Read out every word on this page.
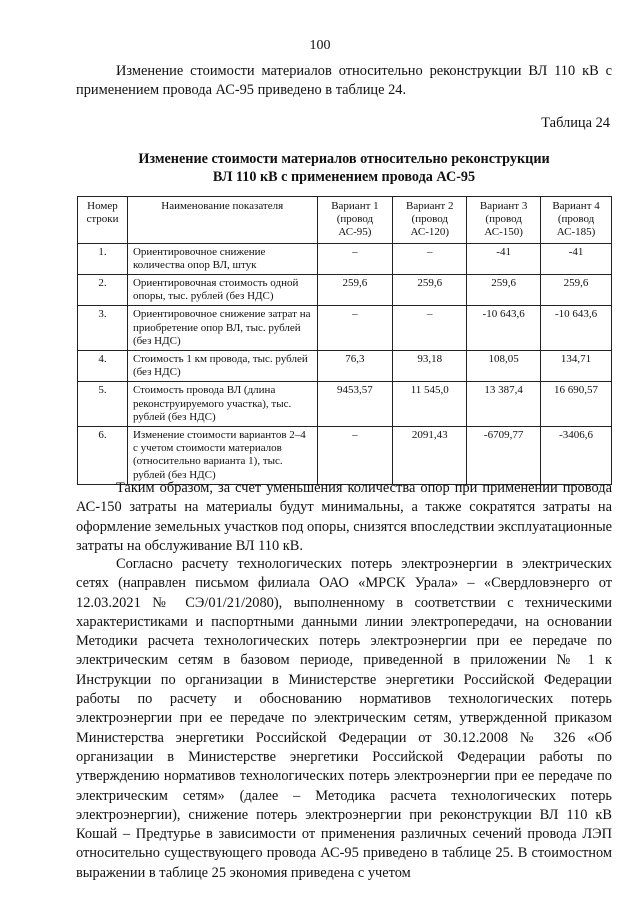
100

Изменение стоимости материалов относительно реконструкции ВЛ 110 кВ с применением провода АС-95 приведено в таблице 24.

Таблица 24
Изменение стоимости материалов относительно реконструкции
ВЛ 110 кВ с применением провода АС-95
Номер строки	Наименование показателя	Вариант 1 (провод АС-95)	Вариант 2 (провод АС-120)	Вариант 3 (провод АС-150)	Вариант 4 (провод АС-185)
1.	Ориентировочное снижение количества опор ВЛ, штук	–	–	-41	-41
2.	Ориентировочная стоимость одной опоры, тыс. рублей (без НДС)	259,6	259,6	259,6	259,6
3.	Ориентировочное снижение затрат на приобретение опор ВЛ, тыс. рублей (без НДС)	–	–	-10 643,6	-10 643,6
4.	Стоимость 1 км провода, тыс. рублей (без НДС)	76,3	93,18	108,05	134,71
5.	Стоимость провода ВЛ (длина реконструируемого участка), тыс. рублей (без НДС)	9453,57	11 545,0	13 387,4	16 690,57
6.	Изменение стоимости вариантов 2–4 с учетом стоимости материалов (относительно варианта 1), тыс. рублей (без НДС)	–	2091,43	-6709,77	-3406,6

Таким образом, за счет уменьшения количества опор при применении провода АС-150 затраты на материалы будут минимальны, а также сократятся затраты на оформление земельных участков под опоры, снизятся впоследствии эксплуатационные затраты на обслуживание ВЛ 110 кВ.

Согласно расчету технологических потерь электроэнергии в электрических сетях (направлен письмом филиала ОАО «МРСК Урала» – «Свердловэнерго от 12.03.2021 № СЭ/01/21/2080), выполненному в соответствии с техническими характеристиками и паспортными данными линии электропередачи, на основании Методики расчета технологических потерь электроэнергии при ее передаче по электрическим сетям в базовом периоде, приведенной в приложении № 1 к Инструкции по организации в Министерстве энергетики Российской Федерации работы по расчету и обоснованию нормативов технологических потерь электроэнергии при ее передаче по электрическим сетям, утвержденной приказом Министерства энергетики Российской Федерации от 30.12.2008 № 326 «Об организации в Министерстве энергетики Российской Федерации работы по утверждению нормативов технологических потерь электроэнергии при ее передаче по электрическим сетям» (далее – Методика расчета технологических потерь электроэнергии), снижение потерь электроэнергии при реконструкции ВЛ 110 кВ Кошай – Предтурье в зависимости от применения различных сечений провода ЛЭП относительно существующего провода АС-95 приведено в таблице 25. В стоимостном выражении в таблице 25 экономия приведена с учетом
